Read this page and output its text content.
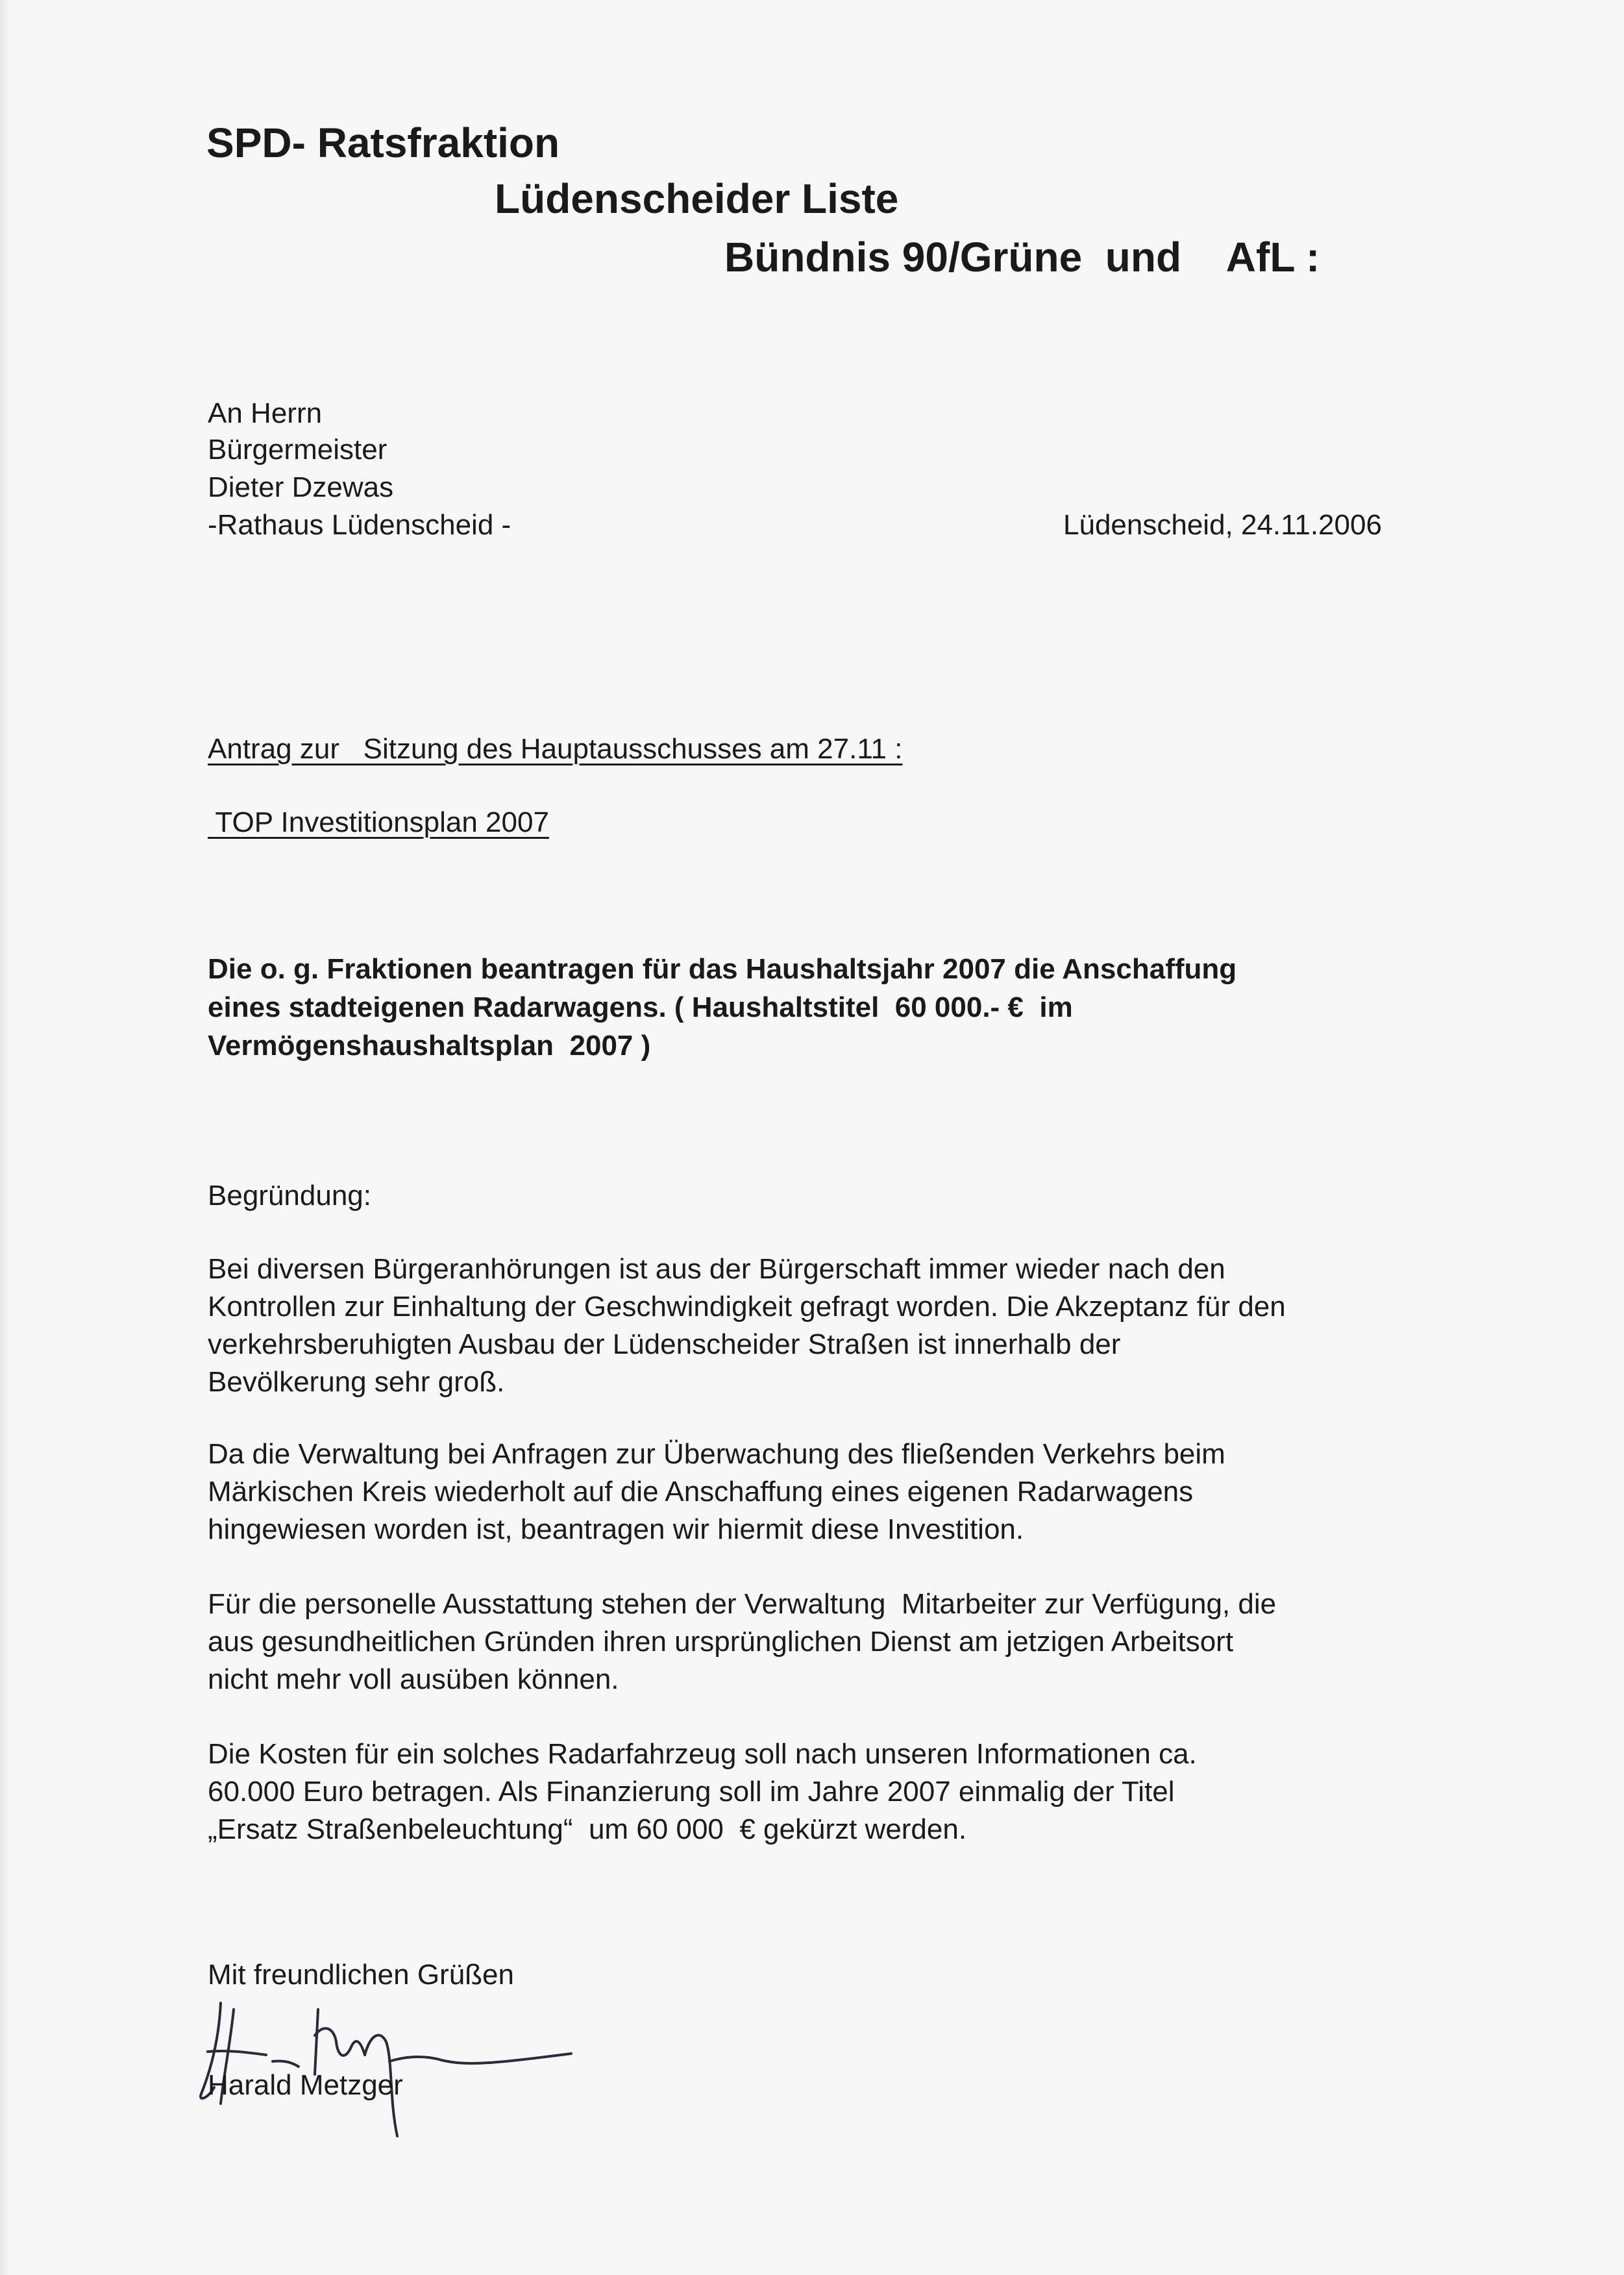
SPD- Ratsfraktion
Lüdenscheider Liste
Bündnis 90/Grüne  und    AfL :
An Herrn
Bürgermeister
Dieter Dzewas
-Rathaus Lüdenscheid -	Lüdenscheid, 24.11.2006
Antrag zur   Sitzung des Hauptausschusses am 27.11 :
TOP Investitionsplan 2007
Die o. g. Fraktionen beantragen für das Haushaltsjahr 2007 die Anschaffung
eines stadteigenen Radarwagens. ( Haushaltstitel  60 000.- €  im
Vermögenshaushaltsplan  2007 )
Begründung:
Bei diversen Bürgeranhörungen ist aus der Bürgerschaft immer wieder nach den
Kontrollen zur Einhaltung der Geschwindigkeit gefragt worden. Die Akzeptanz für den
verkehrsberuhigten Ausbau der Lüdenscheider Straßen ist innerhalb der
Bevölkerung sehr groß.
Da die Verwaltung bei Anfragen zur Überwachung des fließenden Verkehrs beim
Märkischen Kreis wiederholt auf die Anschaffung eines eigenen Radarwagens
hingewiesen worden ist, beantragen wir hiermit diese Investition.
Für die personelle Ausstattung stehen der Verwaltung  Mitarbeiter zur Verfügung, die
aus gesundheitlichen Gründen ihren ursprünglichen Dienst am jetzigen Arbeitsort
nicht mehr voll ausüben können.
Die Kosten für ein solches Radarfahrzeug soll nach unseren Informationen ca.
60.000 Euro betragen. Als Finanzierung soll im Jahre 2007 einmalig der Titel
„Ersatz Straßenbeleuchtung“  um 60 000  € gekürzt werden.
Mit freundlichen Grüßen
Harald Metzger
